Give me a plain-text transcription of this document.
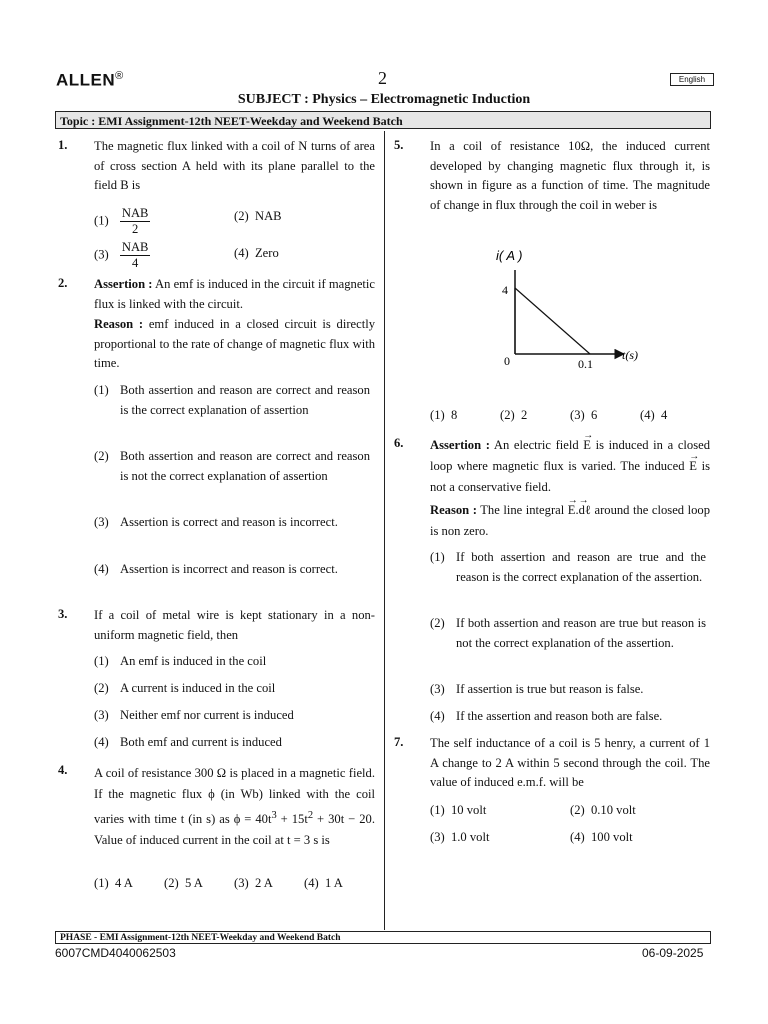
ALLEN®	2	English
SUBJECT : Physics – Electromagnetic Induction
Topic : EMI Assignment-12th NEET-Weekday and Weekend Batch
1. The magnetic flux linked with a coil of N turns of area of cross section A held with its plane parallel to the field B is
$(1) \frac{\text{NAB}}{2}$	(2) NAB
$(3) \frac{\text{NAB}}{4}$	(4) Zero
2. Assertion : An emf is induced in the circuit if magnetic flux is linked with the circuit.
Reason : emf induced in a closed circuit is directly proportional to the rate of change of magnetic flux with time.
(1) Both assertion and reason are correct and reason is the correct explanation of assertion
(2) Both assertion and reason are correct and reason is not the correct explanation of assertion
(3) Assertion is correct and reason is incorrect.
(4) Assertion is incorrect and reason is correct.
3. If a coil of metal wire is kept stationary in a non-uniform magnetic field, then
(1) An emf is induced in the coil
(2) A current is induced in the coil
(3) Neither emf nor current is induced
(4) Both emf and current is induced
4. A coil of resistance 300 Ω is placed in a magnetic field. If the magnetic flux ϕ (in Wb) linked with the coil varies with time t (in s) as $\phi = 40t^3 + 15t^2 + 30t - 20$. Value of induced current in the coil at t = 3 s is
(1) 4 A (2) 5 A (3) 2 A (4) 1 A
5. In a coil of resistance 10Ω, the induced current developed by changing magnetic flux through it, is shown in figure as a function of time. The magnitude of change in flux through the coil in weber is
i( A )
4
0	0.1
t(s)
(1) 8	(2) 2	(3) 6	(4) 4
6. Assertion : An electric field → E is induced in a closed loop where magnetic flux is varied. The induced → E is not a conservative field.
Reason : The line integral → E.→ dℓ around the closed loop is non zero.
(1) If both assertion and reason are true and the reason is the correct explanation of the assertion.
(2) If both assertion and reason are true but reason is not the correct explanation of the assertion.
(3) If assertion is true but reason is false.
(4) If the assertion and reason both are false.
7. The self inductance of a coil is 5 henry, a current of 1 A change to 2 A within 5 second through the coil. The value of induced e.m.f. will be
(1) 10 volt	(2) 0.10 volt
(3) 1.0 volt	(4) 100 volt
PHASE - EMI Assignment-12th NEET-Weekday and Weekend Batch
6007CMD4040062503	06-09-2025
